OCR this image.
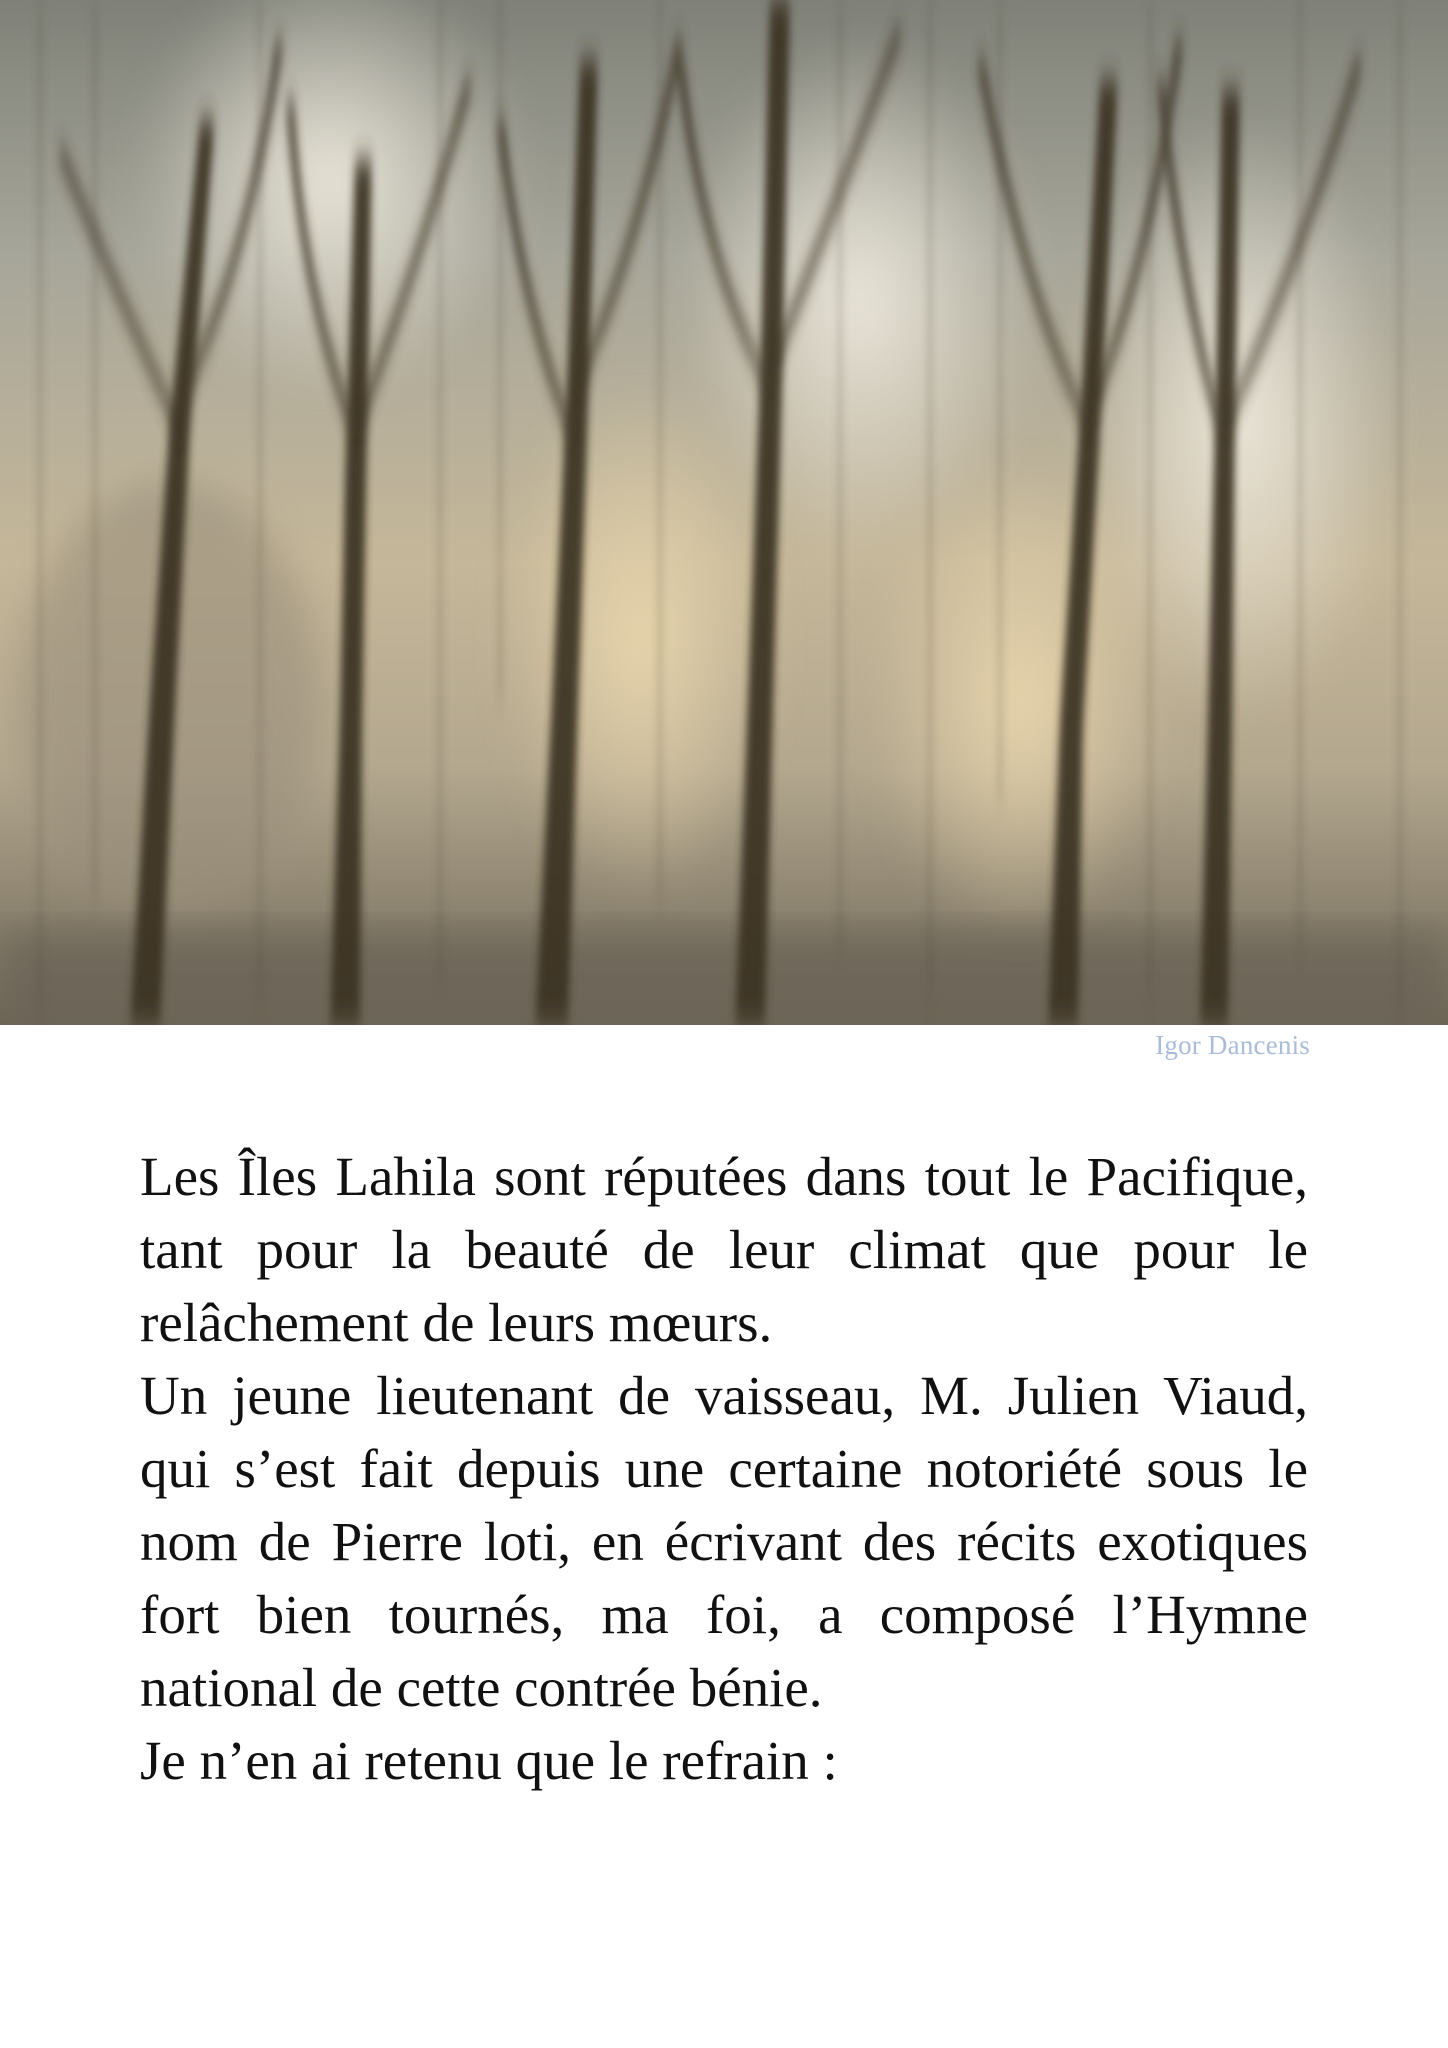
Igor Dancenis

Les Îles Lahila sont réputées dans tout le Pacifique, tant pour la beauté de leur climat que pour le relâchement de leurs mœurs.

Un jeune lieutenant de vaisseau, M. Julien Viaud, qui s’est fait depuis une certaine notoriété sous le nom de Pierre loti, en écrivant des récits exotiques fort bien tournés, ma foi, a composé l’Hymne national de cette contrée bénie.

Je n’en ai retenu que le refrain :
